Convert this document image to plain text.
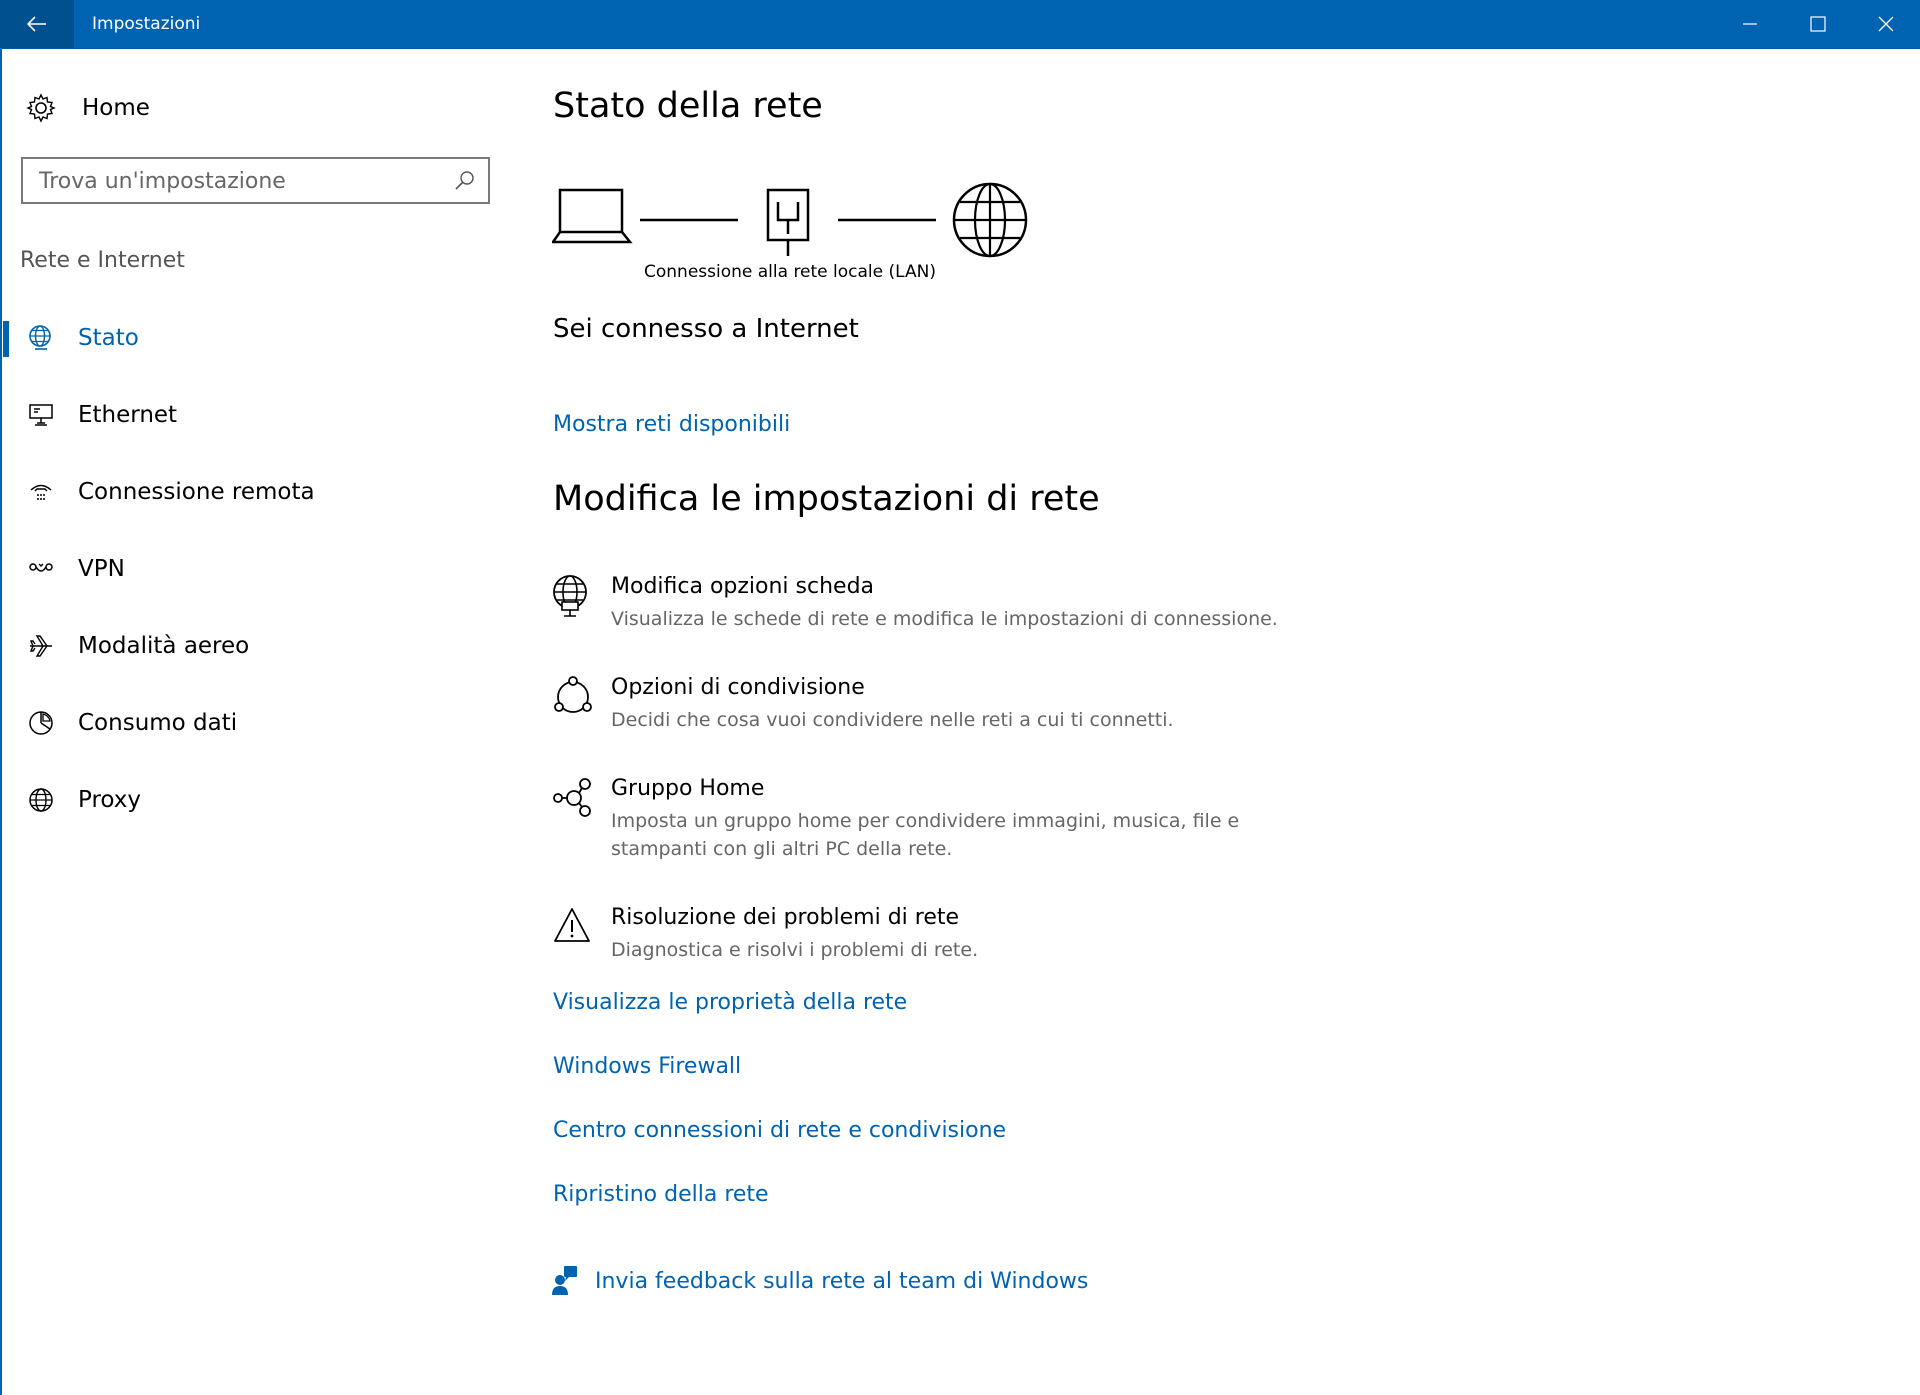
Impostazioni
Home
Trova un'impostazione
Rete e Internet
Stato
Ethernet
Connessione remota
VPN
Modalità aereo
Consumo dati
Proxy
Stato della rete
Connessione alla rete locale (LAN)
Sei connesso a Internet
Mostra reti disponibili
Modifica le impostazioni di rete
Modifica opzioni scheda
Visualizza le schede di rete e modifica le impostazioni di connessione.
Opzioni di condivisione
Decidi che cosa vuoi condividere nelle reti a cui ti connetti.
Gruppo Home
Imposta un gruppo home per condividere immagini, musica, file e stampanti con gli altri PC della rete.
Risoluzione dei problemi di rete
Diagnostica e risolvi i problemi di rete.
Visualizza le proprietà della rete
Windows Firewall
Centro connessioni di rete e condivisione
Ripristino della rete
Invia feedback sulla rete al team di Windows
